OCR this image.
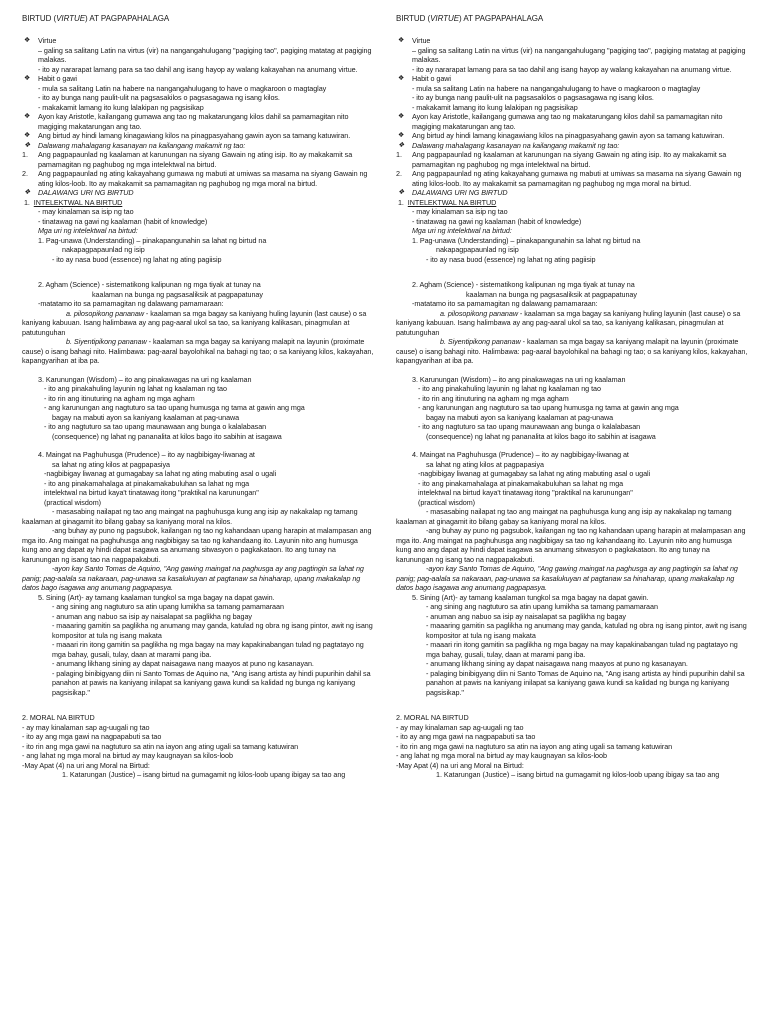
BIRTUD (VIRTUE) AT PAGPAPAHALAGA
❖ Virtue
– galing sa salitang Latin na virtus (vir) na nangangahulugang "pagiging tao", pagiging matatag at pagiging malakas.
- ito ay nararapat lamang para sa tao dahil ang isang hayop ay walang kakayahan na anumang virtue.
❖ Habit o gawi
- mula sa salitang Latin na habere na nangangahulugang to have o magkaroon o magtaglay
- ito ay bunga nang paulit-ulit na pagsasakilos o pagsasagawa ng isang kilos.
- makakamit lamang ito kung lalakipan ng pagsisikap
❖ Ayon kay Aristotle, kailangang gumawa ang tao ng makatarungang kilos dahil sa pamamagitan nito magiging makatarungan ang tao.
❖ Ang birtud ay hindi lamang kinagawiang kilos na pinagpasyahang gawin ayon sa tamang katuwiran.
❖ Dalawang mahalagang kasanayan na kailangang makamit ng tao:
1. Ang pagpapaunlad ng kaalaman at karunungan na siyang Gawain ng ating isip. Ito ay makakamit sa pamamagitan ng paghubog ng mga intelektwal na birtud.
2. Ang pagpapaunlad ng ating kakayahang gumawa ng mabuti at umiwas sa masama na siyang Gawain ng ating kilos-loob. Ito ay makakamit sa pamamagitan ng paghubog ng mga moral na birtud.
❖ DALAWANG URI NG BIRTUD
1. INTELEKTWAL NA BIRTUD
- may kinalaman sa isip ng tao
- tinatawag na gawi ng kaalaman (habit of knowledge)
Mga uri ng intelektwal na birtud:
1. Pag-unawa (Understanding) – pinakapangunahin sa lahat ng birtud na
nakapagpapaunlad ng isip
- ito ay nasa buod (essence) ng lahat ng ating pagiisip
2. Agham (Science) - sistematikong kalipunan ng mga tiyak at tunay na
kaalaman na bunga ng pagsasaliksik at pagpapatunay
-matatamo ito sa pamamagitan ng dalawang pamamaraan:
a. pilosopikong pananaw - kaalaman sa mga bagay sa kaniyang huling layunin (last cause) o sa kaniyang kabuuan. Isang halimbawa ay ang pag-aaral ukol sa tao, sa kaniyang kalikasan, pinagmulan at patutunguhan
b. Siyentipikong pananaw - kaalaman sa mga bagay sa kaniyang malapit na layunin (proximate cause) o isang bahagi nito. Halimbawa: pag-aaral bayolohikal na bahagi ng tao; o sa kaniyang kilos, kakayahan, kapangyarihan at iba pa.
3. Karunungan (Wisdom) – ito ang pinakawagas na uri ng kaalaman
- ito ang pinakahuling layunin ng lahat ng kaalaman ng tao
- ito rin ang itinuturing na agham ng mga agham
- ang karunungan ang nagtuturo sa tao upang humusga ng tama at gawin ang mga
bagay na mabuti ayon sa kaniyang kaalaman at pag-unawa
- ito ang nagtuturo sa tao upang maunawaan ang bunga o kalalabasan
(consequence) ng lahat ng pananalita at kilos bago ito sabihin at isagawa
4. Maingat na Paghuhusga (Prudence) – ito ay nagbibigay-liwanag at
sa lahat ng ating kilos at pagpapasiya
-nagbibigay liwanag at gumagabay sa lahat ng ating mabuting asal o ugali
- ito ang pinakamahalaga at pinakamakabuluhan sa lahat ng mga
intelektwal na birtud kaya't tinatawag itong "praktikal na karunungan"
(practical wisdom)
- masasabing nailapat ng tao ang maingat na paghuhusga kung ang isip ay nakakalap ng tamang kaalaman at ginagamit ito bilang gabay sa kaniyang moral na kilos.
-ang buhay ay puno ng pagsubok, kailangan ng tao ng kahandaan upang harapin at malampasan ang mga ito. Ang maingat na paghuhusga ang nagbibigay sa tao ng kahandaang ito. Layunin nito ang humusga kung ano ang dapat ay hindi dapat isagawa sa anumang sitwasyon o pagkakataon. Ito ang tunay na karunungan ng isang tao na nagpapakabuti.
-ayon kay Santo Tomas de Aquino, "Ang gawing maingat na paghusga ay ang pagtingin sa lahat ng panig; pag-aalala sa nakaraan, pag-unawa sa kasalukuyan at pagtanaw sa hinaharap, upang makakalap ng datos bago isagawa ang anumang pagpapasya.
5. Sining (Art)- ay tamang kaalaman tungkol sa mga bagay na dapat gawin.
- ang sining ang nagtuturo sa atin upang lumikha sa tamang pamamaraan
- anuman ang nabuo sa isip ay naisalapat sa paglikha ng bagay
- maaaring gamitin sa paglikha ng anumang may ganda, katulad ng obra ng isang pintor, awit ng isang kompositor at tula ng isang makata
- maaari rin itong gamitin sa paglikha ng mga bagay na may kapakinabangan tulad ng pagtatayo ng mga bahay, gusali, tulay, daan at marami pang iba.
- anumang likhang sining ay dapat naisagawa nang maayos at puno ng kasanayan.
- palaging binibigyang diin ni Santo Tomas de Aquino na, "Ang isang artista ay hindi pupurihin dahil sa panahon at pawis na kaniyang inilapat sa kaniyang gawa kundi sa kalidad ng bunga ng kaniyang pagsisikap."
2. MORAL NA BIRTUD
- ay may kinalaman sap ag-uugali ng tao
- ito ay ang mga gawi na nagpapabuti sa tao
- ito rin ang mga gawi na nagtuturo sa atin na iayon ang ating ugali sa tamang katuwiran
- ang lahat ng mga moral na birtud ay may kaugnayan sa kilos-loob
-May Apat (4) na uri ang Moral na Birtud:
1. Katarungan (Justice) – isang birtud na gumagamit ng kilos-loob upang ibigay sa tao ang
BIRTUD (VIRTUE) AT PAGPAPAHALAGA
❖ Virtue
– galing sa salitang Latin na virtus (vir) na nangangahulugang "pagiging tao", pagiging matatag at pagiging malakas.
- ito ay nararapat lamang para sa tao dahil ang isang hayop ay walang kakayahan na anumang virtue.
❖ Habit o gawi
- mula sa salitang Latin na habere na nangangahulugang to have o magkaroon o magtaglay
- ito ay bunga nang paulit-ulit na pagsasakilos o pagsasagawa ng isang kilos.
- makakamit lamang ito kung lalakipan ng pagsisikap
❖ Ayon kay Aristotle, kailangang gumawa ang tao ng makatarungang kilos dahil sa pamamagitan nito magiging makatarungan ang tao.
❖ Ang birtud ay hindi lamang kinagawiang kilos na pinagpasyahang gawin ayon sa tamang katuwiran.
❖ Dalawang mahalagang kasanayan na kailangang makamit ng tao:
1. Ang pagpapaunlad ng kaalaman at karunungan na siyang Gawain ng ating isip. Ito ay makakamit sa pamamagitan ng paghubog ng mga intelektwal na birtud.
2. Ang pagpapaunlad ng ating kakayahang gumawa ng mabuti at umiwas sa masama na siyang Gawain ng ating kilos-loob. Ito ay makakamit sa pamamagitan ng paghubog ng mga moral na birtud.
❖ DALAWANG URI NG BIRTUD
1. INTELEKTWAL NA BIRTUD
- may kinalaman sa isip ng tao
- tinatawag na gawi ng kaalaman (habit of knowledge)
Mga uri ng intelektwal na birtud:
1. Pag-unawa (Understanding) – pinakapangunahin sa lahat ng birtud na
nakapagpapaunlad ng isip
- ito ay nasa buod (essence) ng lahat ng ating pagiisip
2. Agham (Science) - sistematikong kalipunan ng mga tiyak at tunay na
kaalaman na bunga ng pagsasaliksik at pagpapatunay
-matatamo ito sa pamamagitan ng dalawang pamamaraan:
a. pilosopikong pananaw - kaalaman sa mga bagay sa kaniyang huling layunin (last cause) o sa kaniyang kabuuan. Isang halimbawa ay ang pag-aaral ukol sa tao, sa kaniyang kalikasan, pinagmulan at patutunguhan
b. Siyentipikong pananaw - kaalaman sa mga bagay sa kaniyang malapit na layunin (proximate cause) o isang bahagi nito. Halimbawa: pag-aaral bayolohikal na bahagi ng tao; o sa kaniyang kilos, kakayahan, kapangyarihan at iba pa.
3. Karunungan (Wisdom) – ito ang pinakawagas na uri ng kaalaman
- ito ang pinakahuling layunin ng lahat ng kaalaman ng tao
- ito rin ang itinuturing na agham ng mga agham
- ang karunungan ang nagtuturo sa tao upang humusga ng tama at gawin ang mga
bagay na mabuti ayon sa kaniyang kaalaman at pag-unawa
- ito ang nagtuturo sa tao upang maunawaan ang bunga o kalalabasan
(consequence) ng lahat ng pananalita at kilos bago ito sabihin at isagawa
4. Maingat na Paghuhusga (Prudence) – ito ay nagbibigay-liwanag at
sa lahat ng ating kilos at pagpapasiya
-nagbibigay liwanag at gumagabay sa lahat ng ating mabuting asal o ugali
- ito ang pinakamahalaga at pinakamakabuluhan sa lahat ng mga
intelektwal na birtud kaya't tinatawag itong "praktikal na karunungan"
(practical wisdom)
- masasabing nailapat ng tao ang maingat na paghuhusga kung ang isip ay nakakalap ng tamang kaalaman at ginagamit ito bilang gabay sa kaniyang moral na kilos.
-ang buhay ay puno ng pagsubok, kailangan ng tao ng kahandaan upang harapin at malampasan ang mga ito. Ang maingat na paghuhusga ang nagbibigay sa tao ng kahandaang ito. Layunin nito ang humusga kung ano ang dapat ay hindi dapat isagawa sa anumang sitwasyon o pagkakataon. Ito ang tunay na karunungan ng isang tao na nagpapakabuti.
-ayon kay Santo Tomas de Aquino, "Ang gawing maingat na paghusga ay ang pagtingin sa lahat ng panig; pag-aalala sa nakaraan, pag-unawa sa kasalukuyan at pagtanaw sa hinaharap, upang makakalap ng datos bago isagawa ang anumang pagpapasya.
5. Sining (Art)- ay tamang kaalaman tungkol sa mga bagay na dapat gawin.
- ang sining ang nagtuturo sa atin upang lumikha sa tamang pamamaraan
- anuman ang nabuo sa isip ay naisalapat sa paglikha ng bagay
- maaaring gamitin sa paglikha ng anumang may ganda, katulad ng obra ng isang pintor, awit ng isang kompositor at tula ng isang makata
- maaari rin itong gamitin sa paglikha ng mga bagay na may kapakinabangan tulad ng pagtatayo ng mga bahay, gusali, tulay, daan at marami pang iba.
- anumang likhang sining ay dapat naisagawa nang maayos at puno ng kasanayan.
- palaging binibigyang diin ni Santo Tomas de Aquino na, "Ang isang artista ay hindi pupurihin dahil sa panahon at pawis na kaniyang inilapat sa kaniyang gawa kundi sa kalidad ng bunga ng kaniyang pagsisikap."
2. MORAL NA BIRTUD
- ay may kinalaman sap ag-uugali ng tao
- ito ay ang mga gawi na nagpapabuti sa tao
- ito rin ang mga gawi na nagtuturo sa atin na iayon ang ating ugali sa tamang katuwiran
- ang lahat ng mga moral na birtud ay may kaugnayan sa kilos-loob
-May Apat (4) na uri ang Moral na Birtud:
1. Katarungan (Justice) – isang birtud na gumagamit ng kilos-loob upang ibigay sa tao ang
